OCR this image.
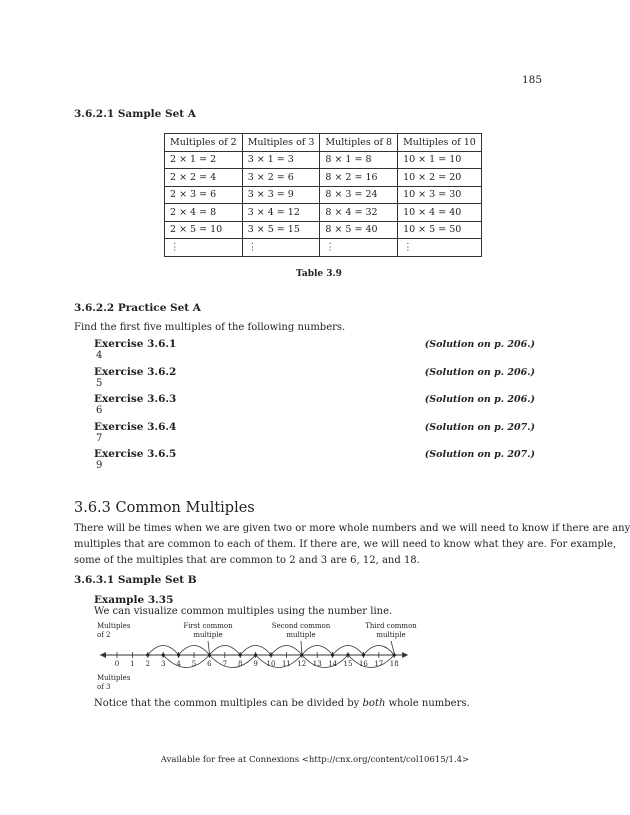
185
3.6.2.1 Sample Set A
Multiples of 2	Multiples of 3	Multiples of 8	Multiples of 10
2 × 1 = 2	3 × 1 = 3	8 × 1 = 8	10 × 1 = 10
2 × 2 = 4	3 × 2 = 6	8 × 2 = 16	10 × 2 = 20
2 × 3 = 6	3 × 3 = 9	8 × 3 = 24	10 × 3 = 30
2 × 4 = 8	3 × 4 = 12	8 × 4 = 32	10 × 4 = 40
2 × 5 = 10	3 × 5 = 15	8 × 5 = 40	10 × 5 = 50
⋮	⋮	⋮	⋮
Table 3.9
3.6.2.2 Practice Set A
Find the first five multiples of the following numbers.
Exercise 3.6.1	(Solution on p. 206.)
4
Exercise 3.6.2	(Solution on p. 206.)
5
Exercise 3.6.3	(Solution on p. 206.)
6
Exercise 3.6.4	(Solution on p. 207.)
7
Exercise 3.6.5	(Solution on p. 207.)
9
3.6.3 Common Multiples
There will be times when we are given two or more whole numbers and we will need to know if there are any
multiples that are common to each of them. If there are, we will need to know what they are. For example,
some of the multiples that are common to 2 and 3 are 6, 12, and 18.
3.6.3.1 Sample Set B
Example 3.35
We can visualize common multiples using the number line.
Multiples
of 2
First common
multiple
Second common
multiple
Third common
multiple
Multiples
of 3
0 1 2 3 4 5 6 7 8 9 10 11 12 13 14 15 16 17 18
Notice that the common multiples can be divided by both whole numbers.
Available for free at Connexions <http://cnx.org/content/col10615/1.4>
